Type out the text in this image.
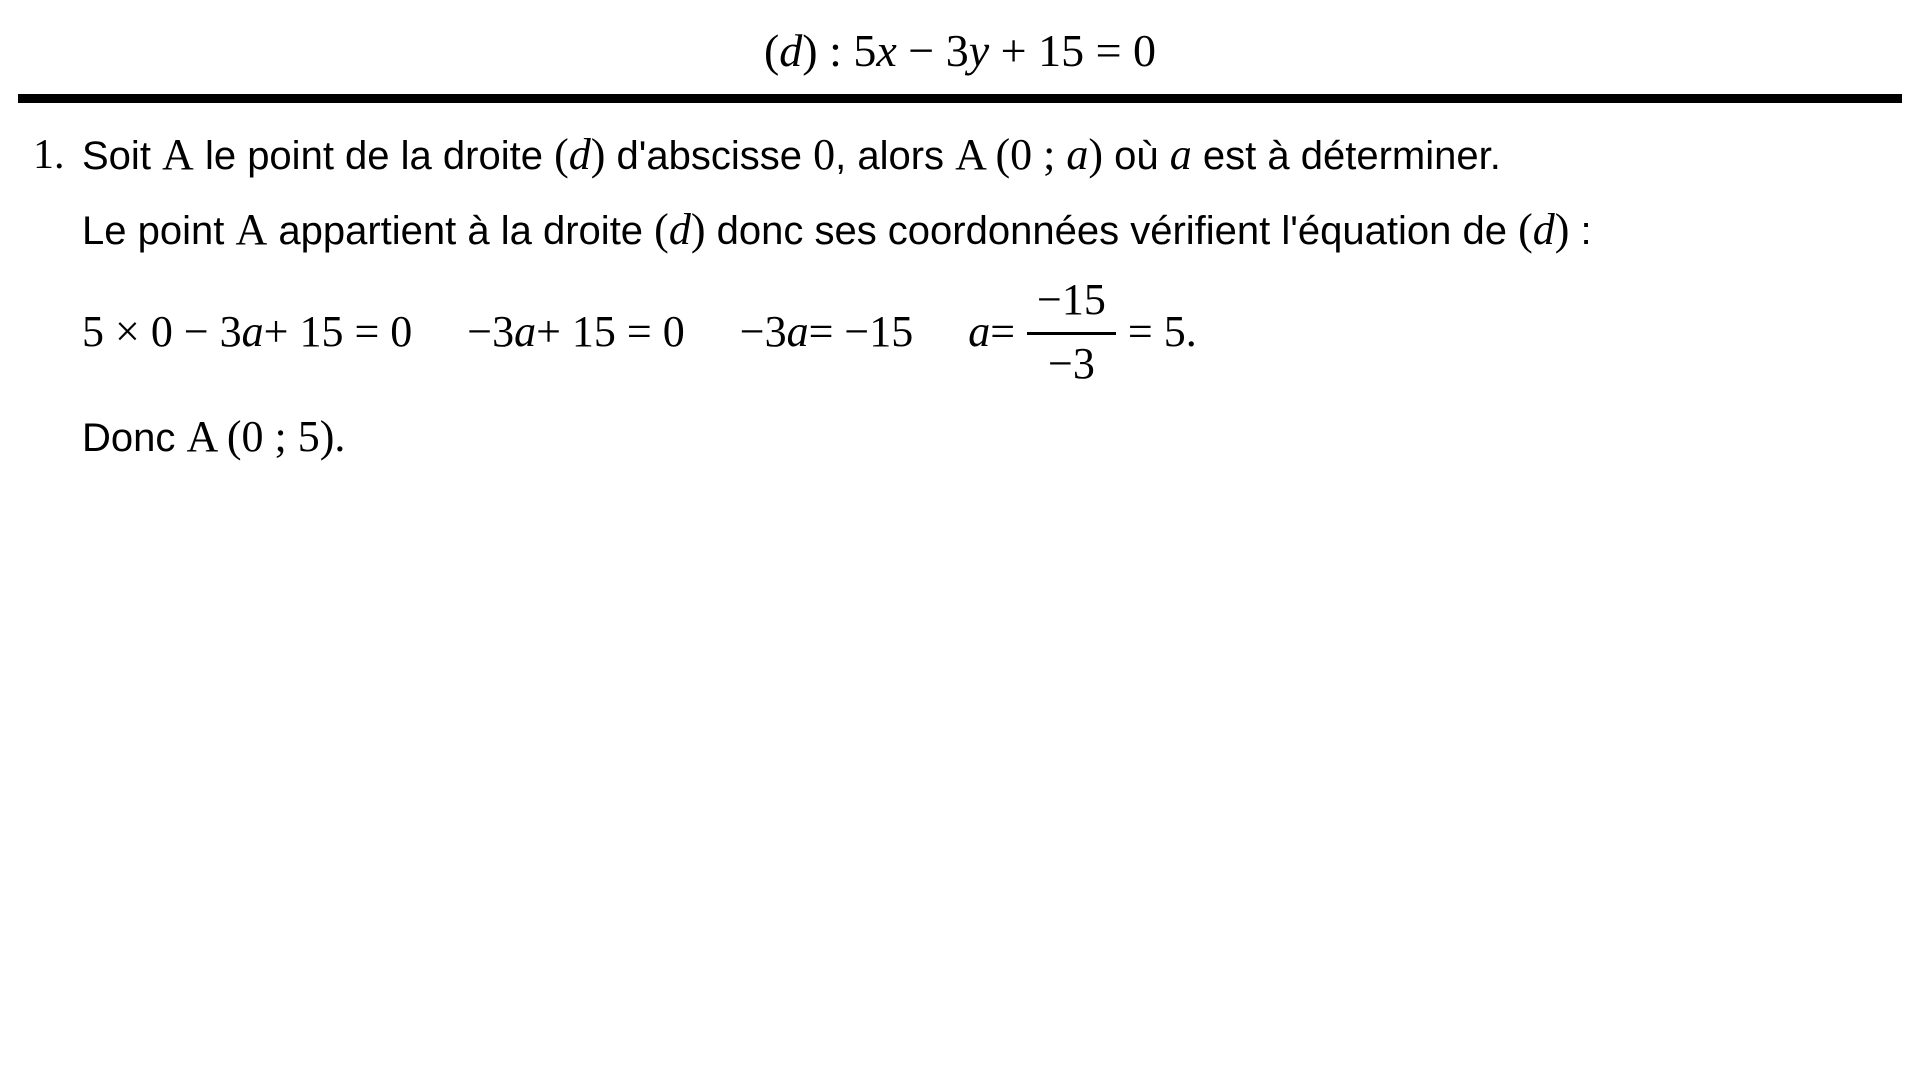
(d) : 5x − 3y + 15 = 0
1. Soit A le point de la droite (d) d'abscisse 0, alors A (0 ; a) où a est à déterminer.

Le point A appartient à la droite (d) donc ses coordonnées vérifient l'équation de (d) :

5 × 0 − 3 a + 15 = 0 −3 a + 15 = 0 −3 a = −15 $a = \frac{-15}{-3} = 5$.

Donc A (0 ; 5).
